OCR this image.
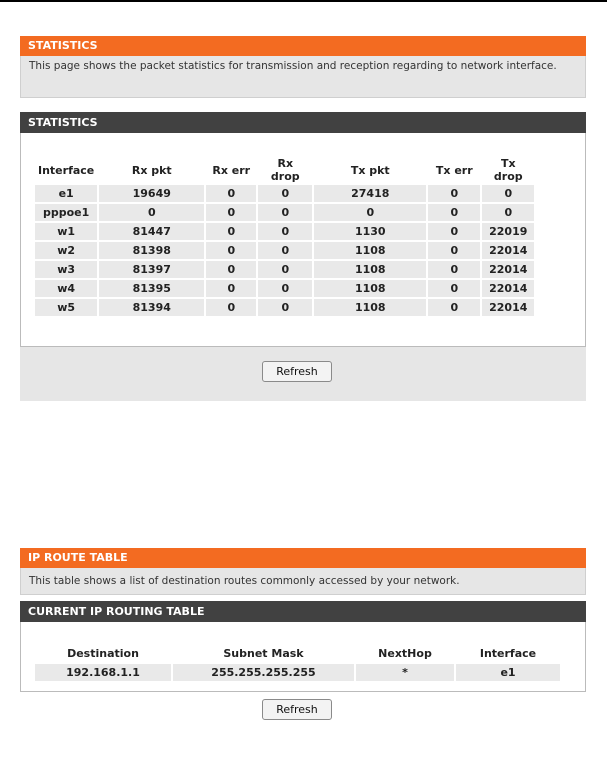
STATISTICS
This page shows the packet statistics for transmission and reception regarding to network interface.
STATISTICS
Interface	Rx pkt	Rx err	Rx drop	Tx pkt	Tx err	Tx drop
e1	19649	0	0	27418	0	0
pppoe1	0	0	0	0	0	0
w1	81447	0	0	1130	0	22019
w2	81398	0	0	1108	0	22014
w3	81397	0	0	1108	0	22014
w4	81395	0	0	1108	0	22014
w5	81394	0	0	1108	0	22014
Refresh
IP ROUTE TABLE
This table shows a list of destination routes commonly accessed by your network.
CURRENT IP ROUTING TABLE
Destination	Subnet Mask	NextHop	Interface
192.168.1.1	255.255.255.255	*	e1
Refresh
